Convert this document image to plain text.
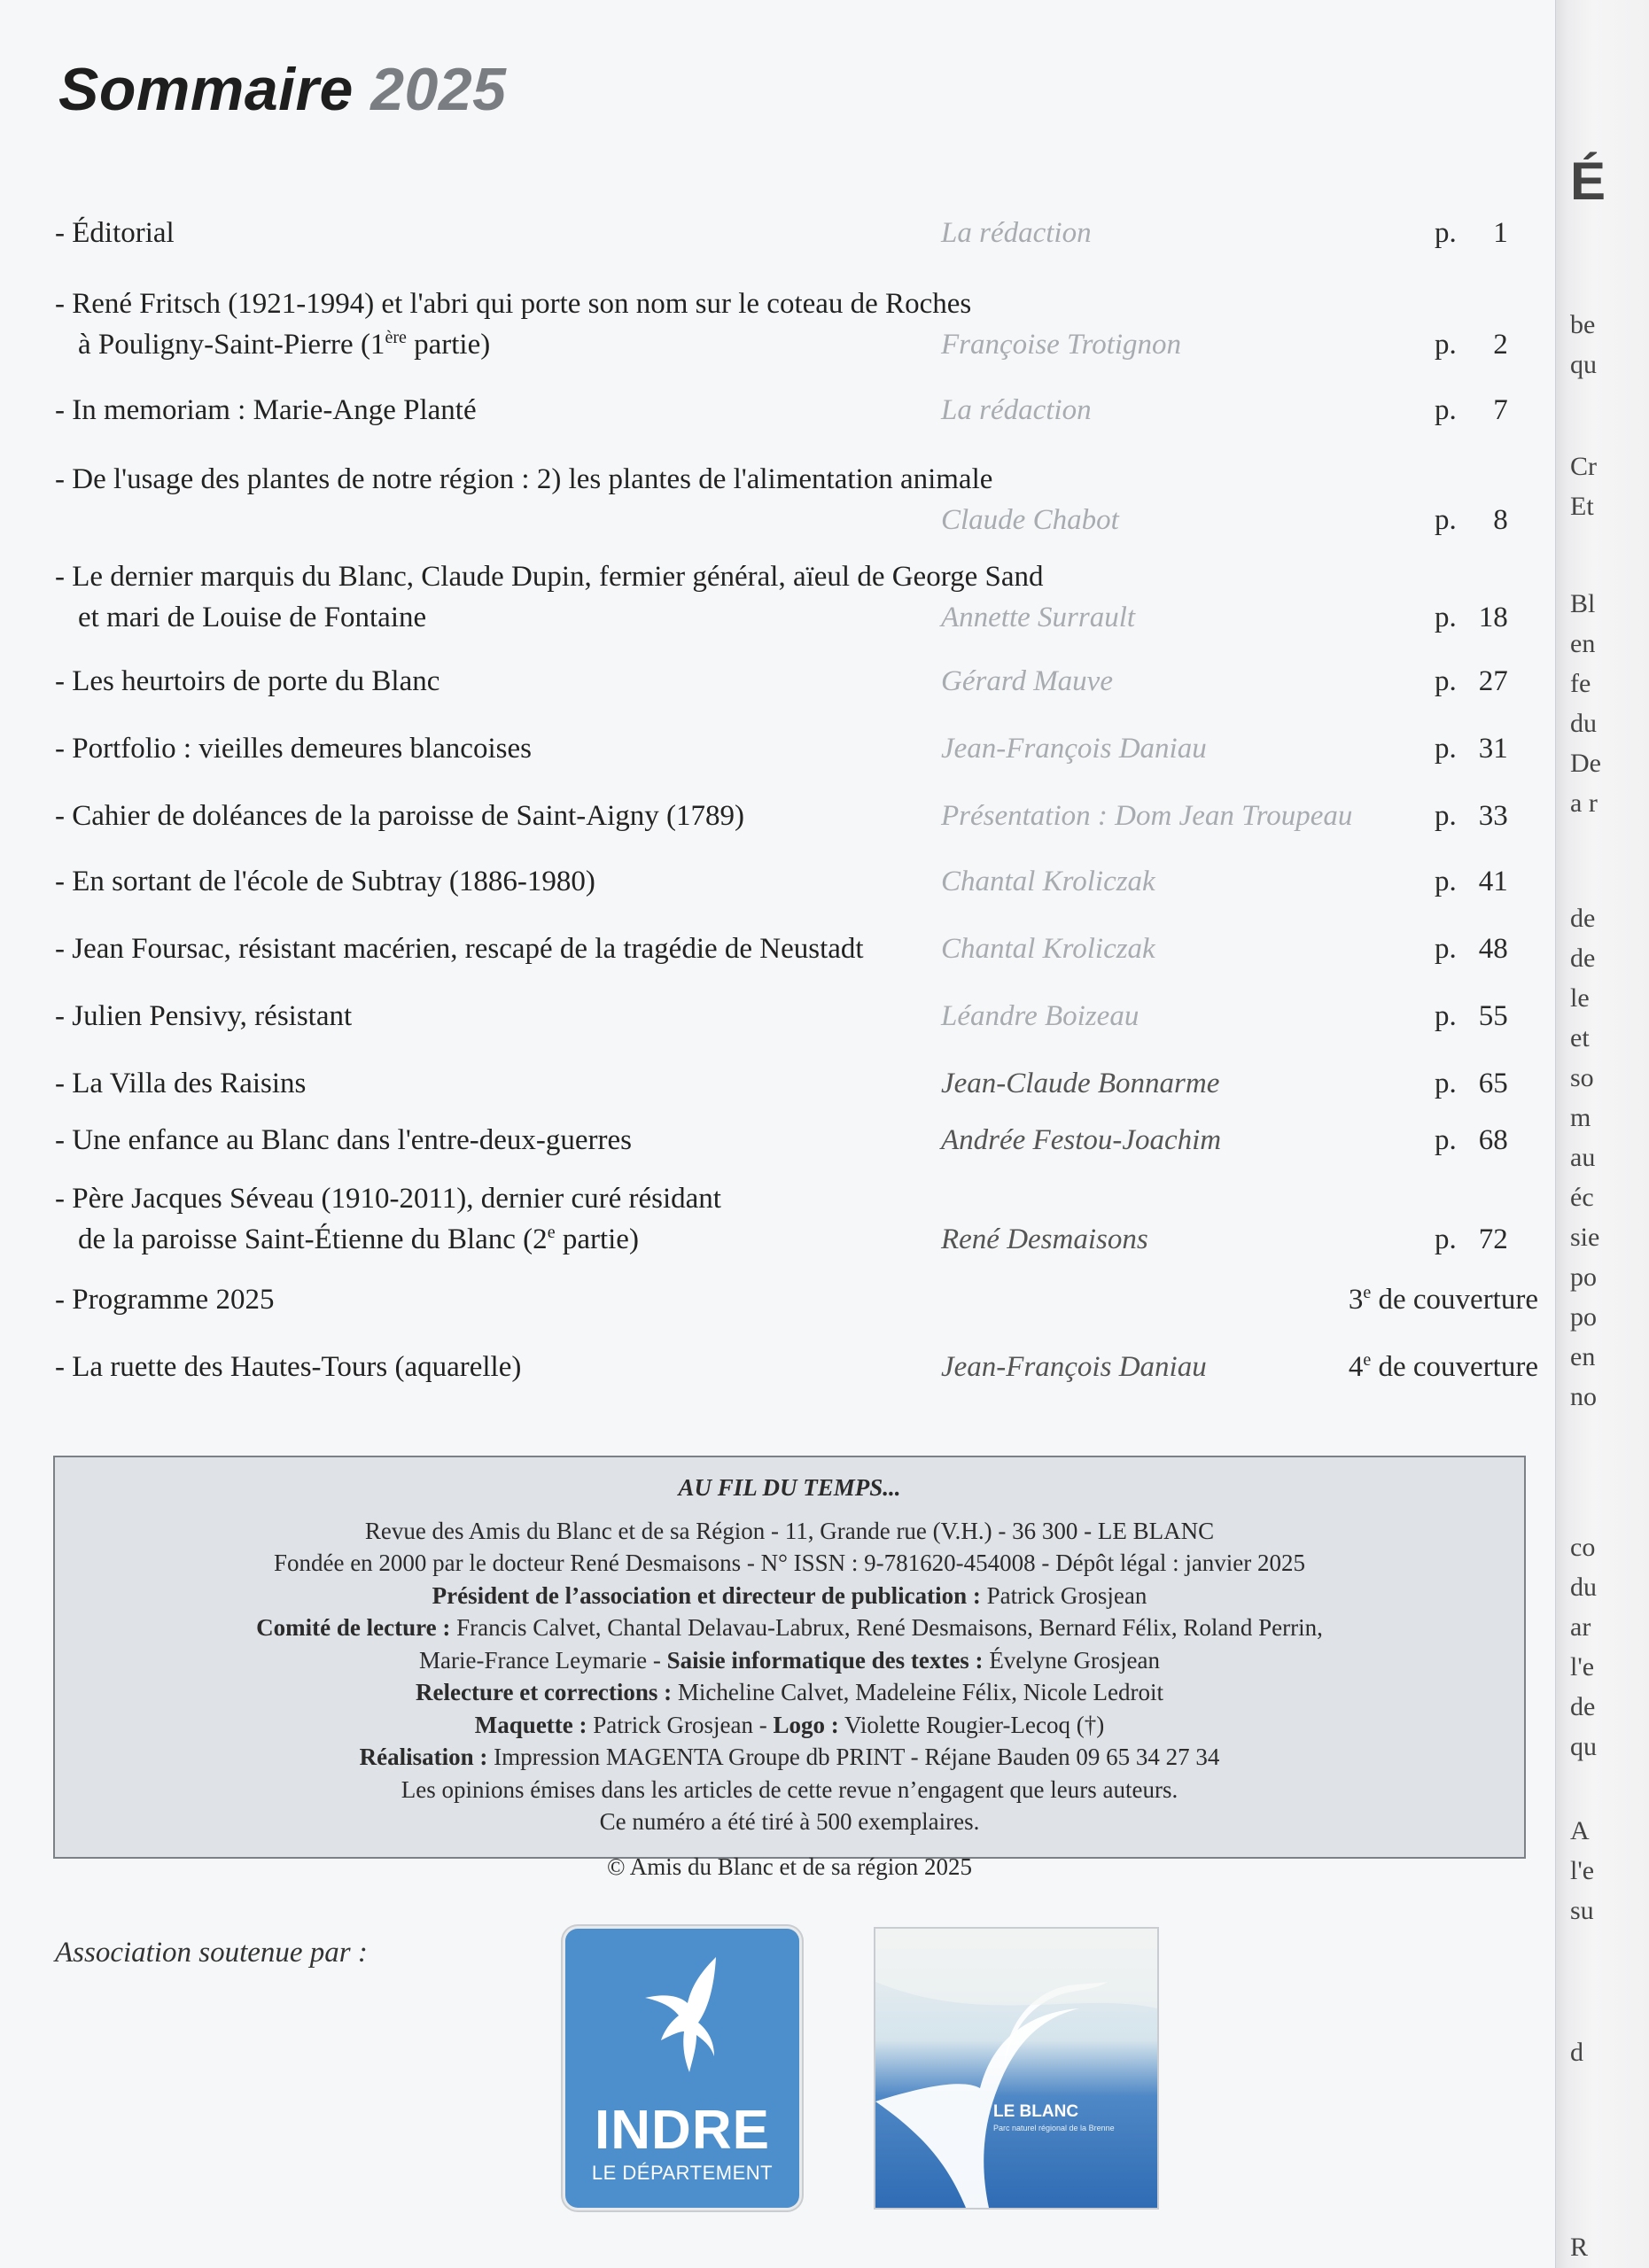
É
be
qu
Cr
Et
Bl
en
fe
du
De
a r
de
de
le
et
so
m
au
éc
sie
po
po
en
no
co
du
ar
l'e
de
qu
A
l'e
su
d
R
Sommaire 2025
- Éditorial	La rédaction	p. 1
- René Fritsch (1921-1994) et l'abri qui porte son nom sur le coteau de Roches
à Pouligny-Saint-Pierre (1ère partie)	Françoise Trotignon	p. 2
- In memoriam : Marie-Ange Planté	La rédaction	p. 7
- De l'usage des plantes de notre région : 2) les plantes de l'alimentation animale
Claude Chabot	p. 8
- Le dernier marquis du Blanc, Claude Dupin, fermier général, aïeul de George Sand
et mari de Louise de Fontaine	Annette Surrault	p. 18
- Les heurtoirs de porte du Blanc	Gérard Mauve	p. 27
- Portfolio : vieilles demeures blancoises	Jean-François Daniau	p. 31
- Cahier de doléances de la paroisse de Saint-Aigny (1789)	Présentation : Dom Jean Troupeau	p. 33
- En sortant de l'école de Subtray (1886-1980)	Chantal Kroliczak	p. 41
- Jean Foursac, résistant macérien, rescapé de la tragédie de Neustadt	Chantal Kroliczak	p. 48
- Julien Pensivy, résistant	Léandre Boizeau	p. 55
- La Villa des Raisins	Jean-Claude Bonnarme	p. 65
- Une enfance au Blanc dans l'entre-deux-guerres	Andrée Festou-Joachim	p. 68
- Père Jacques Séveau (1910-2011), dernier curé résidant
de la paroisse Saint-Étienne du Blanc (2e partie)	René Desmaisons	p. 72
- Programme 2025	3e de couverture
- La ruette des Hautes-Tours (aquarelle)	Jean-François Daniau	4e de couverture
AU FIL DU TEMPS...
Revue des Amis du Blanc et de sa Région - 11, Grande rue (V.H.) - 36 300 - LE BLANC
Fondée en 2000 par le docteur René Desmaisons - N° ISSN : 9-781620-454008 - Dépôt légal : janvier 2025
Président de l’association et directeur de publication : Patrick Grosjean
Comité de lecture : Francis Calvet, Chantal Delavau-Labrux, René Desmaisons, Bernard Félix, Roland Perrin,
Marie-France Leymarie - Saisie informatique des textes : Évelyne Grosjean
Relecture et corrections : Micheline Calvet, Madeleine Félix, Nicole Ledroit
Maquette : Patrick Grosjean - Logo : Violette Rougier-Lecoq (†)
Réalisation : Impression MAGENTA Groupe db PRINT - Réjane Bauden 09 65 34 27 34
Les opinions émises dans les articles de cette revue n’engagent que leurs auteurs.
Ce numéro a été tiré à 500 exemplaires.
© Amis du Blanc et de sa région 2025
Association soutenue par :
INDRE
LE DÉPARTEMENT
LE BLANC
Parc naturel régional de la Brenne
